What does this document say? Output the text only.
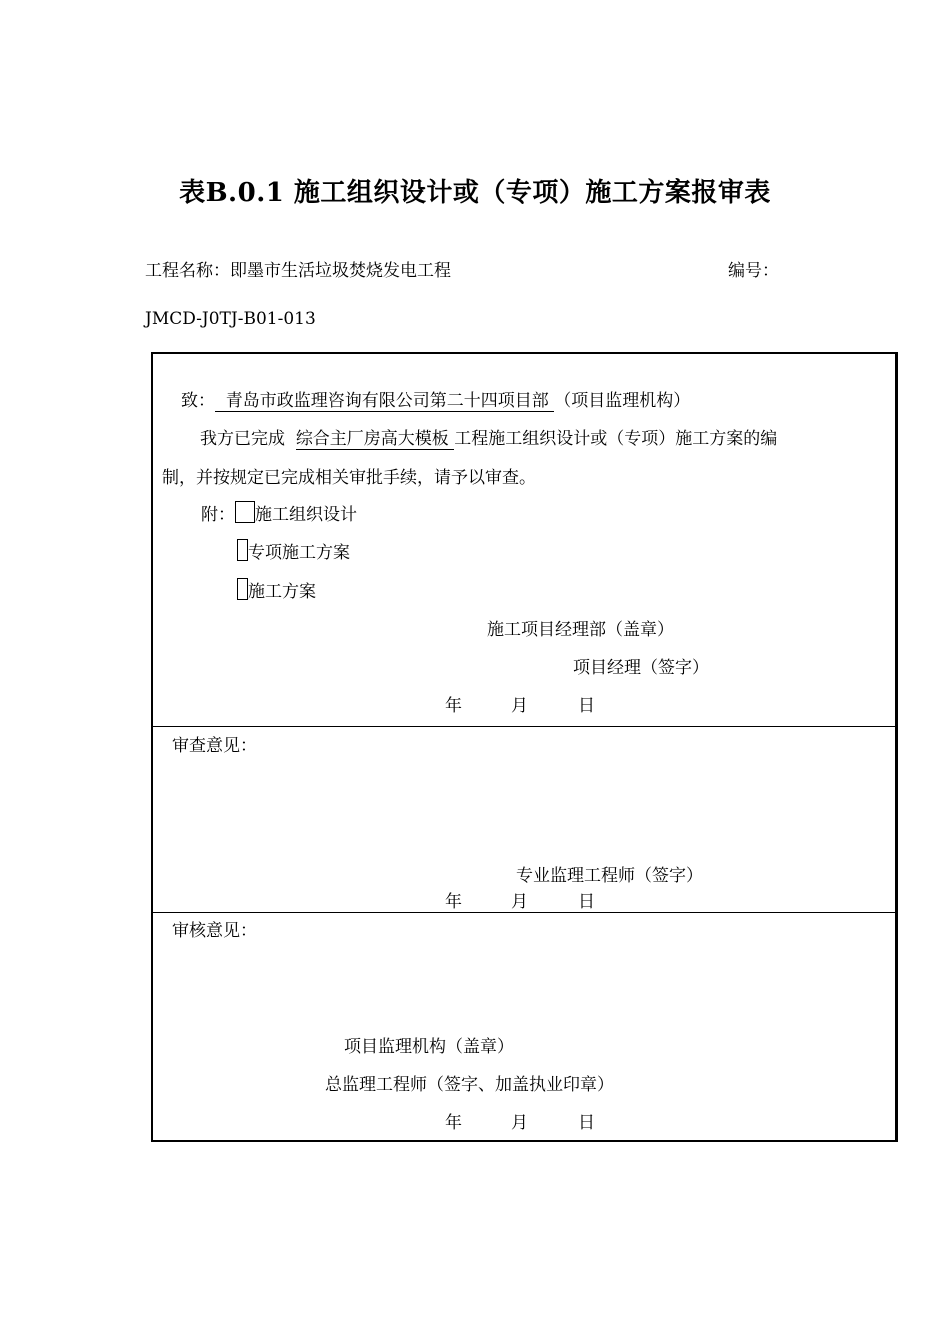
表B.0.1 施工组织设计或（专项）施工方案报审表
工程名称：即墨市生活垃圾焚烧发电工程	编号：
JMCD-J0TJ-B01-013
致：  青岛市政监理咨询有限公司第二十四项目部 （项目监理机构）
我方已完成  综合主厂房高大模板 工程施工组织设计或（专项）施工方案的编
制，并按规定已完成相关审批手续，请予以审查。
附： 施工组织设计
专项施工方案
施工方案
施工项目经理部（盖章）
项目经理（签字）
年	月	日
审查意见：
专业监理工程师（签字）
年	月	日
审核意见：
项目监理机构（盖章）
总监理工程师（签字、加盖执业印章）
年	月	日
